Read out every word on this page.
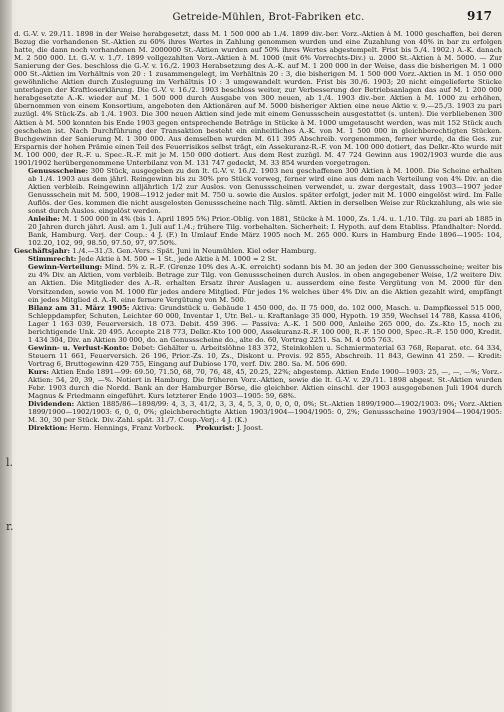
Getreide-Mühlen, Brot-Fabriken etc.	917
l.
r.

d. G.-V. v. 29./11. 1898 in der Weise herabgesetzt, dass M. 1 500 000 ab 1./4. 1899 div.-ber. Vorz.-Aktien à M. 1000 geschaffen, bei deren Bezug die vorhandenen St.-Aktien zu 60% ihres Wertes in Zahlung genommen wurden und eine Zuzahlung von 40% in bar zu erfolgen hatte, die dann noch vorhandenen M. 2000000 St.-Aktien wurden auf 50% ihres Wertes abgestempelt. Frist bis 5./4. 1902.) A.-K. danach M. 2 500 000. Lt. G.-V. v. 1./7. 1899 vollgezahlten Vorz.-Aktien à M. 1000 (mit 6% Vorrechts-Div.) u. 2000 St.-Aktien à M. 5000. — Zur Sanierung der Ges. beschloss die G.-V. v. 16./2. 1903 Herabsetzung des A.-K. auf M. 1 200 000 in der Weise, dass die bisherigen M. 1 000 000 St.-Aktien im Verhältnis von 20 : 1 zusammengelegt, im Verhältnis 20 : 3, die bisherigen M. 1 500 000 Vorz.-Aktien in M. 1 050 000 gewöhnliche Aktien durch Zusleguung im Verhältnis 10 : 3 umgewandelt wurden. Frist bis 30./6. 1903; 20 nicht eingelieferte Stücke unterlagen der Kraftloserklärung. Die G.-V. v. 16./2. 1903 beschloss weiter, zur Verbesserung der Betriebsanlagen das auf M. 1 200 000 herabgesetzte A.-K. wieder auf M. 1 500 000 durch Ausgabe von 300 neuen, ab 1./4. 1903 div.-ber. Aktien à M. 1000 zu erhöhen, übernommen von einem Konsortium, angeboten den Aktionären auf M. 5000 bisheriger Aktien eine neue Aktie v. 9.—25./3. 1903 zu pari zuzügl. 4% Stück-Zs. ab 1./4. 1903. Die 300 neuen Aktien sind jede mit einem Genussschein ausgestattet (s. unten). Die verbliebenen 300 Aktien à M. 500 konnten bis Ende 1903 gegen entsprechende Beträge in Stücke à M. 1000 umgetauscht werden, was mit 152 Stück auch geschehen ist. Nach Durchführung der Transaktion besteht ein einheitliches A.-K. von M. 1 500 000 in gleichberechtigten Stücken. Buchgewinn der Sanierung M. 1 300 000. Aus demselben wurden M. 611 395 Abschreib. vorgenommen, ferner wurde, da die Ges. zur Ersparnis der hohen Prämie einen Teil des Feuerrisikos selbst trägt, ein Assekuranz-R.-F. von M. 100 000 dotiert, das Delkr.-Kto wurde mit M. 100 000, der R.-F. u. Spec.-R.-F. mit je M. 150 000 dotiert. Aus dem Rest zuzügl. M. 47 724 Gewinn aus 1902/1903 wurde die aus 1901/1902 herübergenommene Unterbilanz von M. 131 747 gedeckt, M. 33 854 wurden vorgetragen.

Genussscheine: 300 Stück, ausgegeben zu den lt. G.-V. v. 16./2. 1903 neu geschaffenen 300 Aktien à M. 1000. Die Scheine erhalten ab 1./4. 1903 aus dem jährl. Reingewinn bis zu 30% pro Stück vorweg, ferner wird eine aus dem nach Verteilung von 4% Div. an die Aktien verbleib. Reingewinn alljährlich 1/2 zur Auslos. von Genussscheinen verwendet, u. zwar dergestalt, dass 1903—1907 jeder Genussschein mit M. 500, 1908—1912 jeder mit M. 750 u. sowie die Auslos. später erfolgt, jeder mit M. 1000 eingelöst wird. Im Falle Auflös. der Ges. kommen die nicht ausgelosten Genussscheine nach Tilg. sämtl. Aktien in derselben Weise zur Rückzahlung, als wie sie sonst durch Auslos. eingelöst werden.

Anleihe: M. 1 500 000 in 4% (bis 1. April 1895 5%) Prior.-Oblig. von 1881, Stücke à M. 1000, Zs. 1./4. u. 1./10. Tilg. zu pari ab 1885 in 20 Jahren durch jährl. Ausl. am 1. Juli auf 1./4.; frühere Tilg. vorbehalten. Sicherheit: I. Hypoth. auf dem Etabliss. Pfandhalter: Nordd. Bank, Hamburg. Verj. der Coup.: 4 J. (F.) In Umlauf Ende März 1905 noch M. 265 000. Kurs in Hamburg Ende 1896—1905: 104, 102.20, 102, 99, 98.50, 97.50, 97, 97.50%.

Geschäftsjahr: 1./4.—31./3. Gen.-Vers.: Spät. Juni in Neumühlen. Kiel oder Hamburg.

Stimmrecht: Jede Aktie à M. 500 = 1 St., jede Aktie à M. 1000 = 2 St.

Gewinn-Verteilung: Mind. 5% z. R.-F. (Grenze 10% des A.-K. erreicht) sodann bis M. 30 an jeden der 300 Genussscheine; weiter bis zu 4% Div. an Aktien, vom verbleib. Betrage zur Tilg. von Genussscheinen durch Auslos. in oben angegebener Weise, 1/2 weitere Div. an Aktien. Die Mitglieder des A.-R. erhalten Ersatz ihrer Auslagen u. ausserdem eine feste Vergütung von M. 2000 für den Vorsitzenden, sowie von M. 1000 für jedes andere Mitglied. Für jedes 1% welches über 4% Div. an die Aktien gezahlt wird, empfängt ein jedes Mitglied d. A.-R. eine fernere Vergütung von M. 500.

Bilanz am 31. März 1905: Aktiva: Grundstück u. Gebäude 1 450 000, do. II 75 000, do. 102 000, Masch. u. Dampfkessel 515 000, Schleppdampfer, Schuten, Leichter 60 000, Inventar 1, Utr. Bel.- u. Kraftanlage 35 000, Hypoth. 19 359, Wechsel 14 788, Kassa 4106, Lager 1 163 039, Feuerversich. 18 073. Debit. 459 396. — Passiva: A.-K. 1 500 000, Anleihe 265 000, do. Zs.-Kto 15, noch zu berichtigende Unk. 20 495. Accepte 218 773, Delkr.-Kto 100 000, Assekuranz-R.-F. 100 000, R.-F. 150 000, Spec.-R.-F. 150 000, Kredit. 1 434 304, Div. an Aktien 30 000, do. an Genussscheine do., alte do. 60, Vortrag 2251. Sa. M. 4 055 763.

Gewinn- u. Verlust-Konto: Debet: Gehälter u. Arbeitslöhne 183 372, Steinkohlen u. Schmiermaterial 63 768, Reparat. etc. 64 334, Steuern 11 661, Feuerversich. 26 196, Prior.-Zs. 10, Zs., Diskont u. Provis. 92 855, Abschreib. 11 843, Gewinn 41 259. — Kredit: Vortrag 6, Bruttogewinn 429 755, Eingang auf Dubiose 170, verf. Div. 280. Sa. M. 506 690.

Kurs: Aktien Ende 1891—99: 69.50, 71.50, 68, 70, 76, 48, 45, 20.25, 22%; abgestemp. Aktien Ende 1900—1903: 25, —, —, —%; Vorz.-Aktien: 54, 20, 39, —%. Notiert in Hamburg. Die früheren Vorz.-Aktien, sowie die lt. G.-V. v. 29./11. 1898 abgest. St.-Aktien wurden Febr. 1903 durch die Nordd. Bank an der Hamburger Börse, die gleichber. Aktien einschl. der 1903 ausgegebenen Juli 1904 durch Magnus & Friedmann eingeführt. Kurs letzterer Ende 1903—1905: 59, 68%.

Dividenden: Aktien 1885/86—1898/99: 4, 3, 3, 41/2, 3, 3, 4, 5, 3, 0, 0, 0, 0, 0%; St.-Aktien 1899/1900—1902/1903: 0%; Vorz.-Aktien 1899/1900—1902/1903: 6, 0, 0, 0%; gleichberechtigte Aktien 1903/1904—1904/1905: 0, 2%; Genussscheine 1903/1904—1904/1905: M. 30, 30 per Stück. Div.-Zahl. spät. 31./7. Coup.-Verj.: 4 J. (K.)

Direktion: Herm. Hennings, Franz Vorbeck. Prokurist: J. Joost.
